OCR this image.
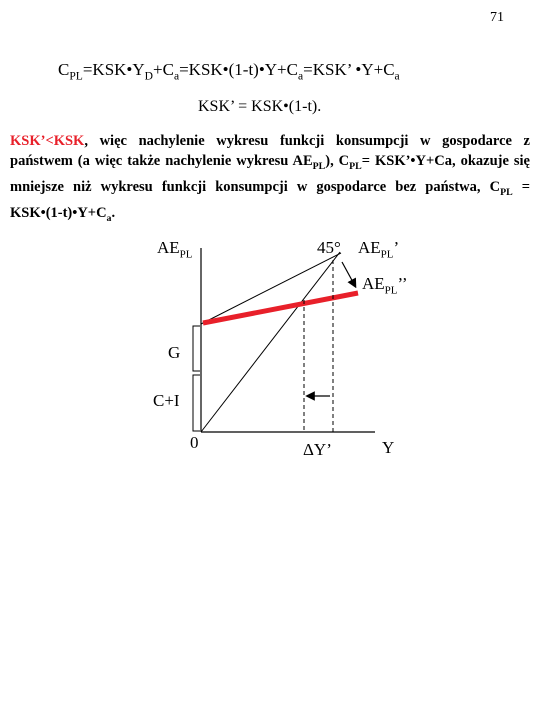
71
$C_{PL}=KSK•Y_D+C_a=KSK•(1-t)•Y+C_a=KSK$’ $•Y+C_a$
KSK’ = KSK•(1-t).
KSK’<KSK, więc nachylenie wykresu funkcji konsumpcji w gospodarce z państwem (a więc także nachylenie wykresu $AE_{PL}$), $C_{PL}=$ KSK’•Y+Ca, okazuje się mniejsze niż wykresu funkcji konsumpcji w gospodarce bez państwa, $C_{PL}$ = $KSK•(1-t)•Y+C_a$.
$AE_{PL}$	45° $AE_{PL}$’
$AE_{PL}$’’
G
C+I
0	ΔY’	Y
